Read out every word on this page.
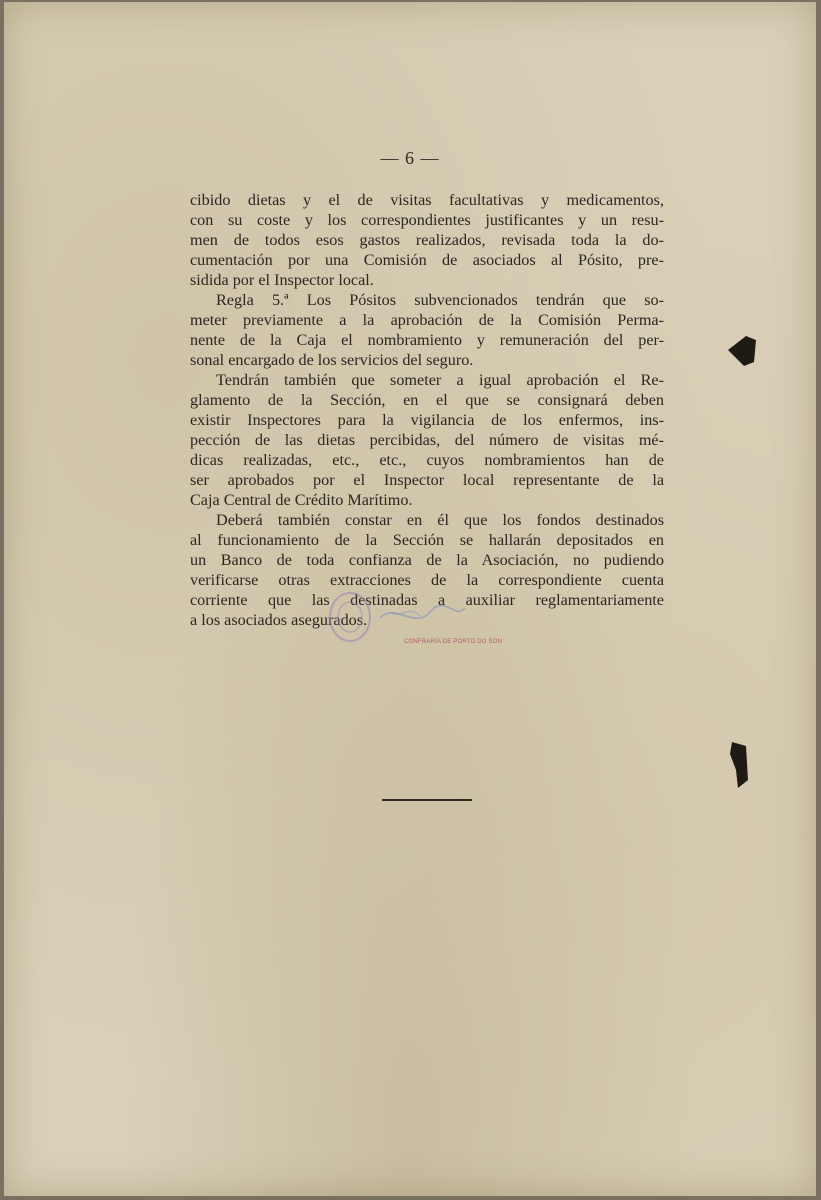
— 6 —
cibido dietas y el de visitas facultativas y medicamentos,
con su coste y los correspondientes justificantes y un resu-
men de todos esos gastos realizados, revisada toda la do-
cumentación por una Comisión de asociados al Pósito, pre-
sidida por el Inspector local.
Regla 5.ª Los Pósitos subvencionados tendrán que so-
meter previamente a la aprobación de la Comisión Perma-
nente de la Caja el nombramiento y remuneración del per-
sonal encargado de los servicios del seguro.
Tendrán también que someter a igual aprobación el Re-
glamento de la Sección, en el que se consignará deben
existir Inspectores para la vigilancia de los enfermos, ins-
pección de las dietas percibidas, del número de visitas mé-
dicas realizadas, etc., etc., cuyos nombramientos han de
ser aprobados por el Inspector local representante de la
Caja Central de Crédito Marítimo.
Deberá también constar en él que los fondos destinados
al funcionamiento de la Sección se hallarán depositados en
un Banco de toda confianza de la Asociación, no pudiendo
verificarse otras extracciones de la correspondiente cuenta
corriente que las destinadas a auxiliar reglamentariamente
a los asociados asegurados.
CONFRARÍA DE PORTO DO SON
